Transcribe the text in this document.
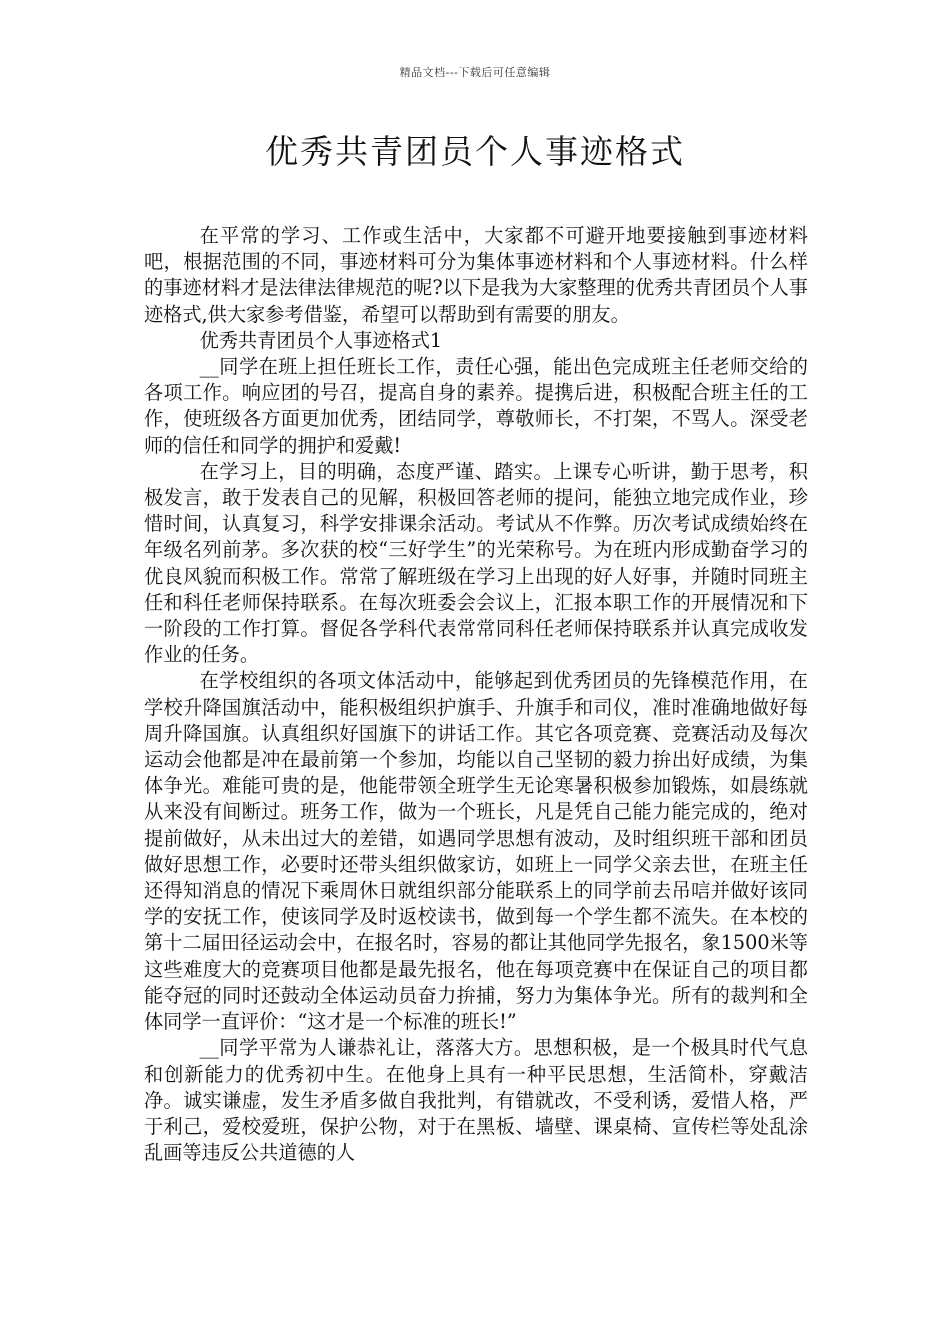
精品文档---下载后可任意编辑
优秀共青团员个人事迹格式

在平常的学习、工作或生活中，大家都不可避开地要接触到事迹材料吧，根据范围的不同，事迹材料可分为集体事迹材料和个人事迹材料。什么样的事迹材料才是法律法律规范的呢?以下是我为大家整理的优秀共青团员个人事迹格式,供大家参考借鉴，希望可以帮助到有需要的朋友。

优秀共青团员个人事迹格式1

__同学在班上担任班长工作，责任心强，能出色完成班主任老师交给的各项工作。响应团的号召，提高自身的素养。提携后进，积极配合班主任的工作，使班级各方面更加优秀，团结同学，尊敬师长，不打架，不骂人。深受老师的信任和同学的拥护和爱戴!

在学习上，目的明确，态度严谨、踏实。上课专心听讲，勤于思考，积极发言，敢于发表自己的见解，积极回答老师的提问，能独立地完成作业，珍惜时间，认真复习，科学安排课余活动。考试从不作弊。历次考试成绩始终在年级名列前茅。多次获的校“三好学生”的光荣称号。为在班内形成勤奋学习的优良风貌而积极工作。常常了解班级在学习上出现的好人好事，并随时同班主任和科任老师保持联系。在每次班委会会议上，汇报本职工作的开展情况和下一阶段的工作打算。督促各学科代表常常同科任老师保持联系并认真完成收发作业的任务。

在学校组织的各项文体活动中，能够起到优秀团员的先锋模范作用，在学校升降国旗活动中，能积极组织护旗手、升旗手和司仪，准时准确地做好每周升降国旗。认真组织好国旗下的讲话工作。其它各项竞赛、竞赛活动及每次运动会他都是冲在最前第一个参加，均能以自己坚韧的毅力拚出好成绩，为集体争光。难能可贵的是，他能带领全班学生无论寒暑积极参加锻炼，如晨练就从来没有间断过。班务工作，做为一个班长，凡是凭自己能力能完成的，绝对提前做好，从未出过大的差错，如遇同学思想有波动，及时组织班干部和团员做好思想工作，必要时还带头组织做家访，如班上一同学父亲去世，在班主任还得知消息的情况下乘周休日就组织部分能联系上的同学前去吊唁并做好该同学的安抚工作，使该同学及时返校读书，做到每一个学生都不流失。在本校的第十二届田径运动会中，在报名时，容易的都让其他同学先报名，象1500米等这些难度大的竞赛项目他都是最先报名，他在每项竞赛中在保证自己的项目都能夺冠的同时还鼓动全体运动员奋力拚捕，努力为集体争光。所有的裁判和全体同学一直评价：“这才是一个标准的班长!”

__同学平常为人谦恭礼让，落落大方。思想积极，是一个极具时代气息和创新能力的优秀初中生。在他身上具有一种平民思想，生活简朴，穿戴洁净。诚实谦虚，发生矛盾多做自我批判，有错就改，不受利诱，爱惜人格，严于利己，爱校爱班，保护公物，对于在黑板、墙壁、课桌椅、宣传栏等处乱涂乱画等违反公共道德的人
